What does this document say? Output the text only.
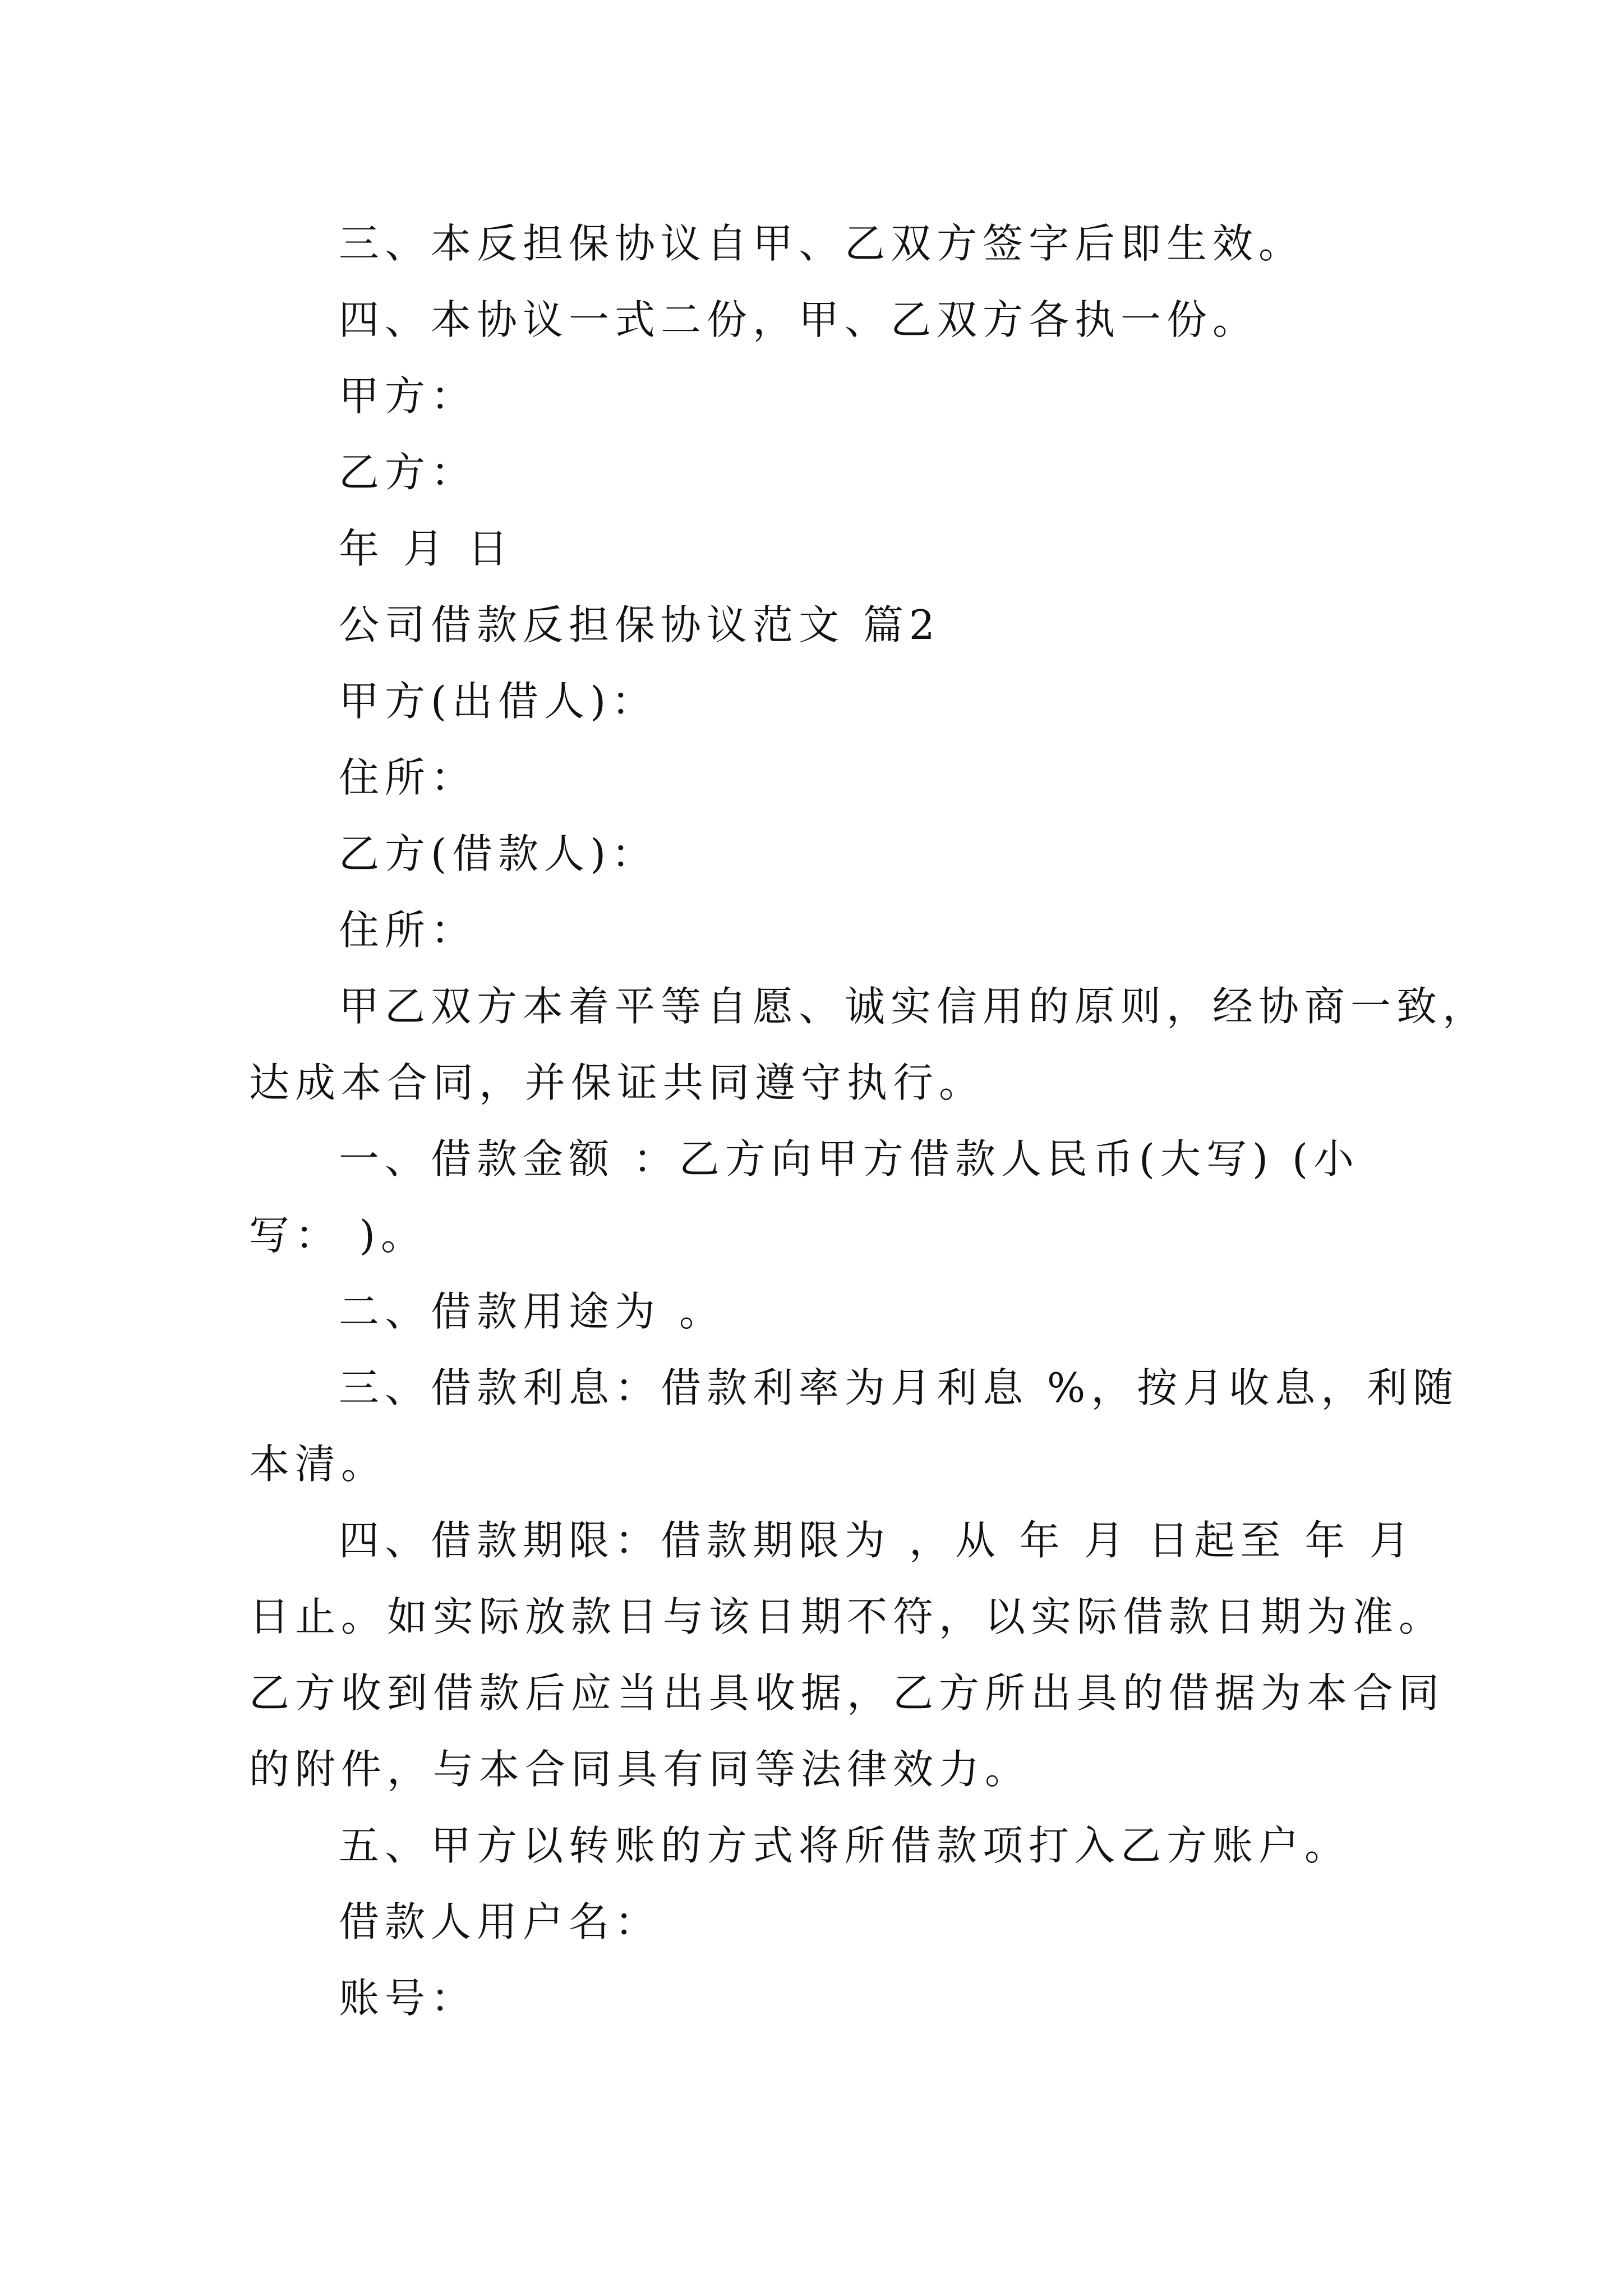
三、本反担保协议自甲、乙双方签字后即生效。
四、本协议一式二份，甲、乙双方各执一份。
甲方：
乙方：
年 月 日
公司借款反担保协议范文 篇2
甲方(出借人)：
住所：
乙方(借款人)：
住所：
甲乙双方本着平等自愿、诚实信用的原则，经协商一致，
达成本合同，并保证共同遵守执行。
一、借款金额 ：乙方向甲方借款人民币(大写) (小
写： )。
二、借款用途为 。
三、借款利息：借款利率为月利息 %，按月收息，利随
本清。
四、借款期限：借款期限为 ，从 年 月 日起至 年 月
日止。如实际放款日与该日期不符，以实际借款日期为准。
乙方收到借款后应当出具收据，乙方所出具的借据为本合同
的附件，与本合同具有同等法律效力。
五、甲方以转账的方式将所借款项打入乙方账户。
借款人用户名：
账号：
